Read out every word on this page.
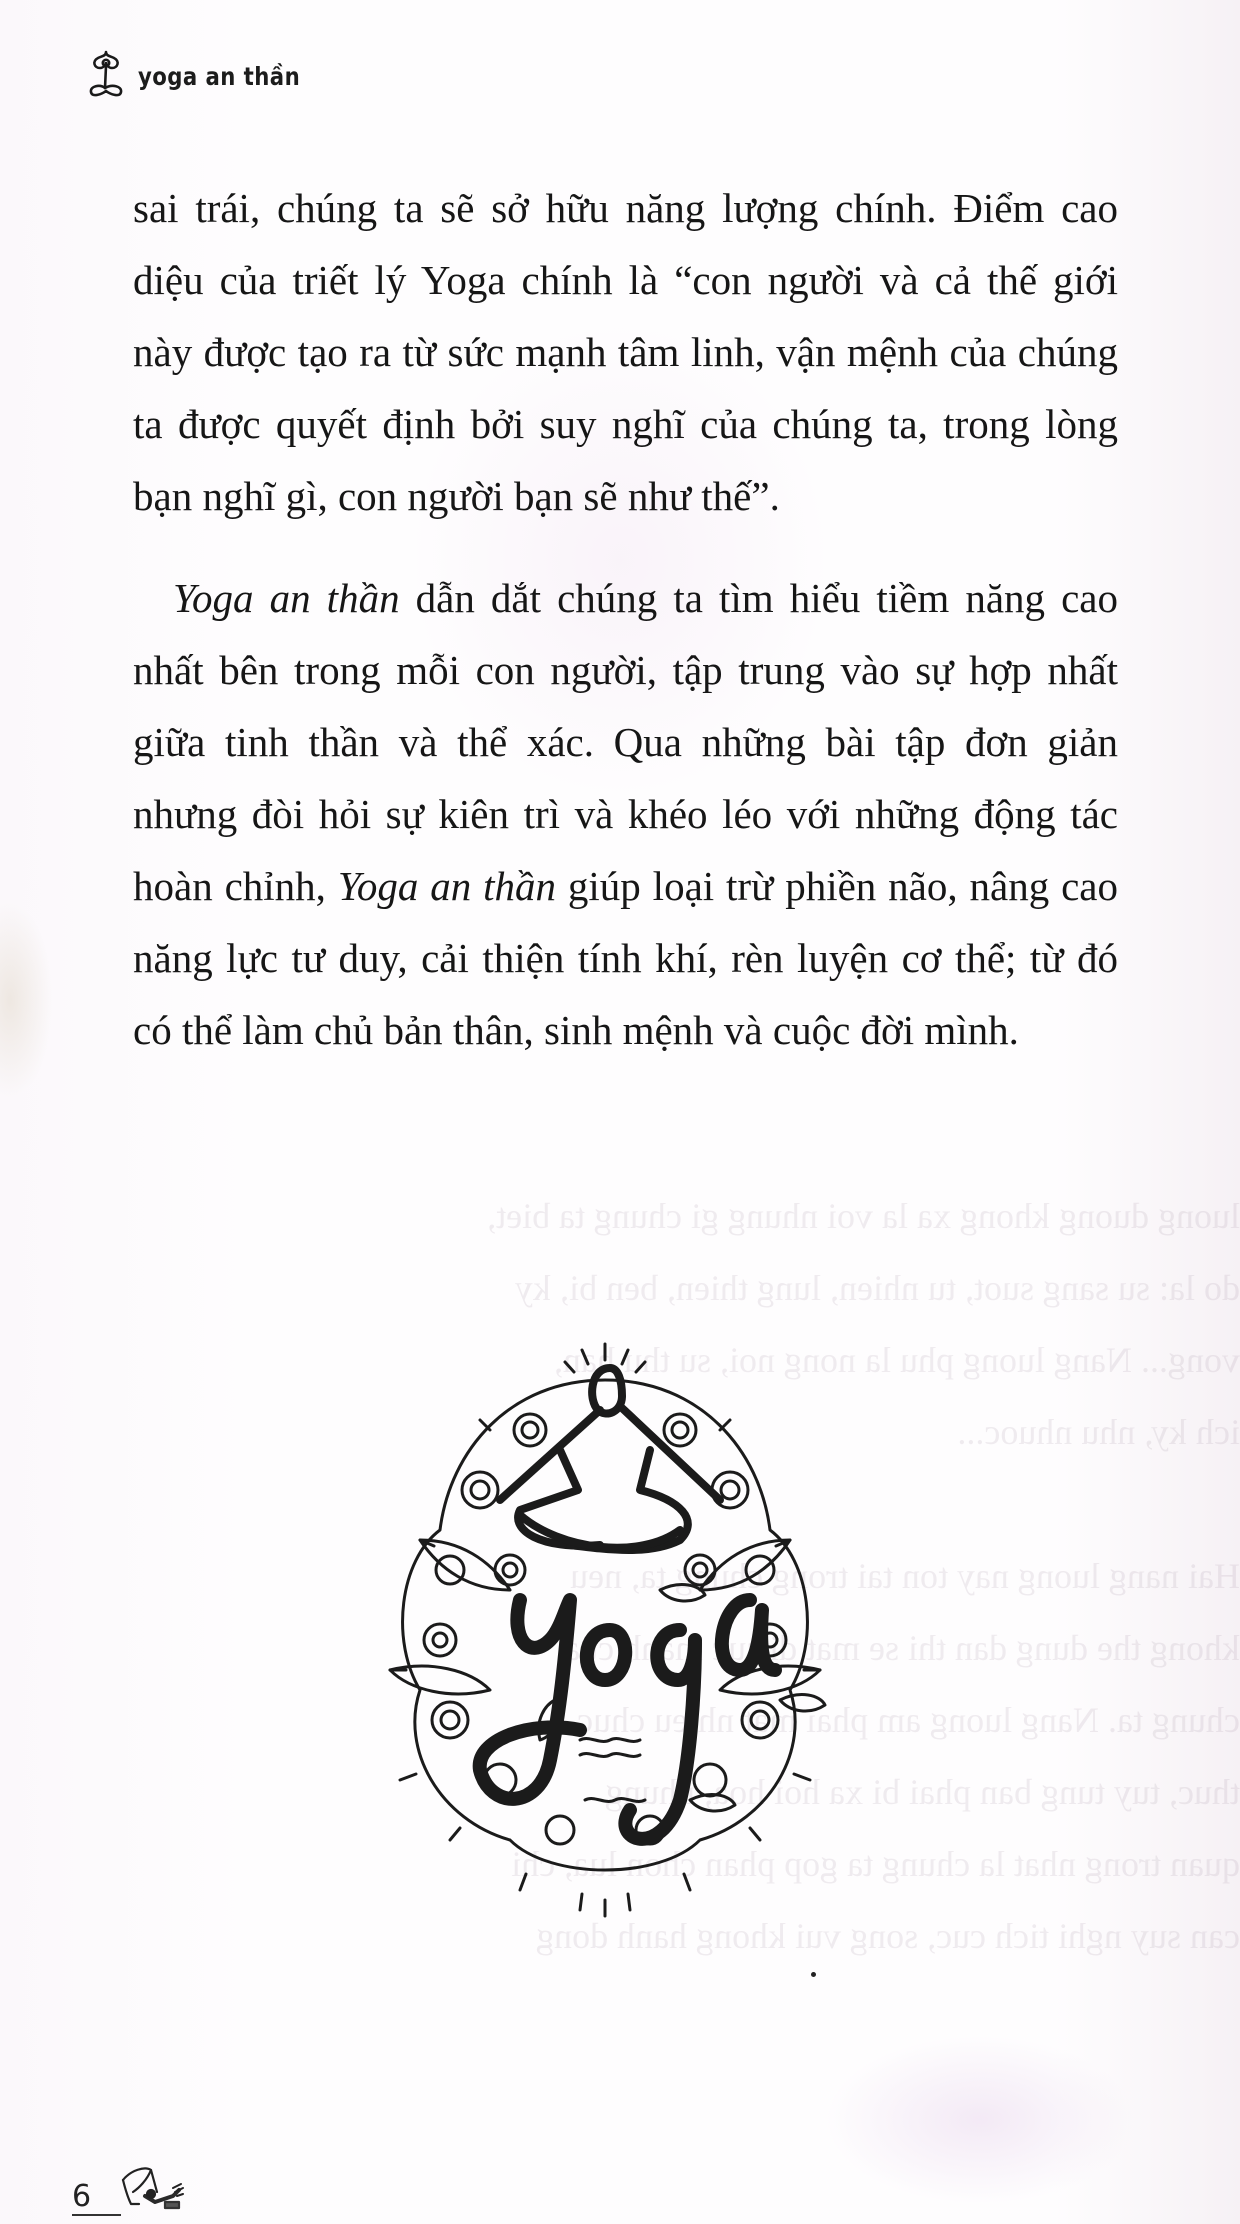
yoga an thần
luong duong khong xa la voi nhung gi chung ta biet,
do la: su sang suot, tu nhien, lung thien, ben bi, ky
vong... Nang luong phu la nong noi, su thu han,
ich ky, nhu nhuoc...

Hai nang luong nay ton tai trong chung ta, neu
khong the dung dan thi se mat di suc manh cua
chung ta. Nang luong am phai mat nhieu chuc
thuc, tuy tung ban phai bi xa hoi hoa, nhung
quan trong nhat la chung ta gop phan chon lua, chi
can suy nghi tich cuc, song vui khong hanh dong

sai trái, chúng ta sẽ sở hữu năng lượng chính. Điểm cao diệu của triết lý Yoga chính là “con người và cả thế giới này được tạo ra từ sức mạnh tâm linh, vận mệnh của chúng ta được quyết định bởi suy nghĩ của chúng ta, trong lòng bạn nghĩ gì, con người bạn sẽ như thế”.

Yoga an thần dẫn dắt chúng ta tìm hiểu tiềm năng cao nhất bên trong mỗi con người, tập trung vào sự hợp nhất giữa tinh thần và thể xác. Qua những bài tập đơn giản nhưng đòi hỏi sự kiên trì và khéo léo với những động tác hoàn chỉnh, Yoga an thần giúp loại trừ phiền não, nâng cao năng lực tư duy, cải thiện tính khí, rèn luyện cơ thể; từ đó có thể làm chủ bản thân, sinh mệnh và cuộc đời mình.

6
